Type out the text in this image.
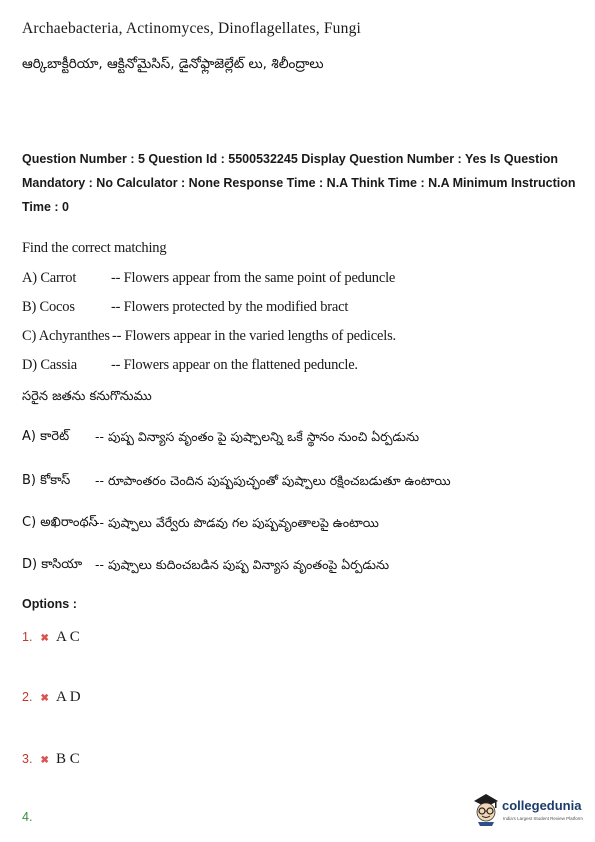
Archaebacteria, Actinomyces, Dinoflagellates, Fungi
ఆర్కిబాక్టీరియా, ఆక్టినోమైసిస్, డైనోఫ్లాజెల్లేట్ లు, శిలీంద్రాలు
Question Number : 5 Question Id : 5500532245 Display Question Number : Yes Is Question
Mandatory : No Calculator : None Response Time : N.A Think Time : N.A Minimum Instruction
Time : 0
Find the correct matching
A) Carrot -- Flowers appear from the same point of peduncle
B) Cocos -- Flowers protected by the modified bract
C) Achyranthes -- Flowers appear in the varied lengths of pedicels.
D) Cassia -- Flowers appear on the flattened peduncle.
సరైన జతను కనుగొనుము
A) కారెట్ -- పుష్ప విన్యాస వృంతం పై పుష్పాలన్ని ఒకే స్థానం నుంచి ఏర్పడును
B) కోకాస్ -- రూపాంతరం చెందిన పుష్పపుచ్ఛంతో పుష్పాలు రక్షించబడుతూ ఉంటాయి
C) అఖిరాంథస్
-- పుష్పాలు వేర్వేరు పొడవు గల పుష్పవృంతాలపై ఉంటాయి
D) కాసియా -- పుష్పాలు కుదించబడిన పుష్ప విన్యాస వృంతంపై ఏర్పడును
Options :
1. ✖ A C
2. ✖ A D
3. ✖ B C
4.
collegedunia
India's Largest Student Review Platform
